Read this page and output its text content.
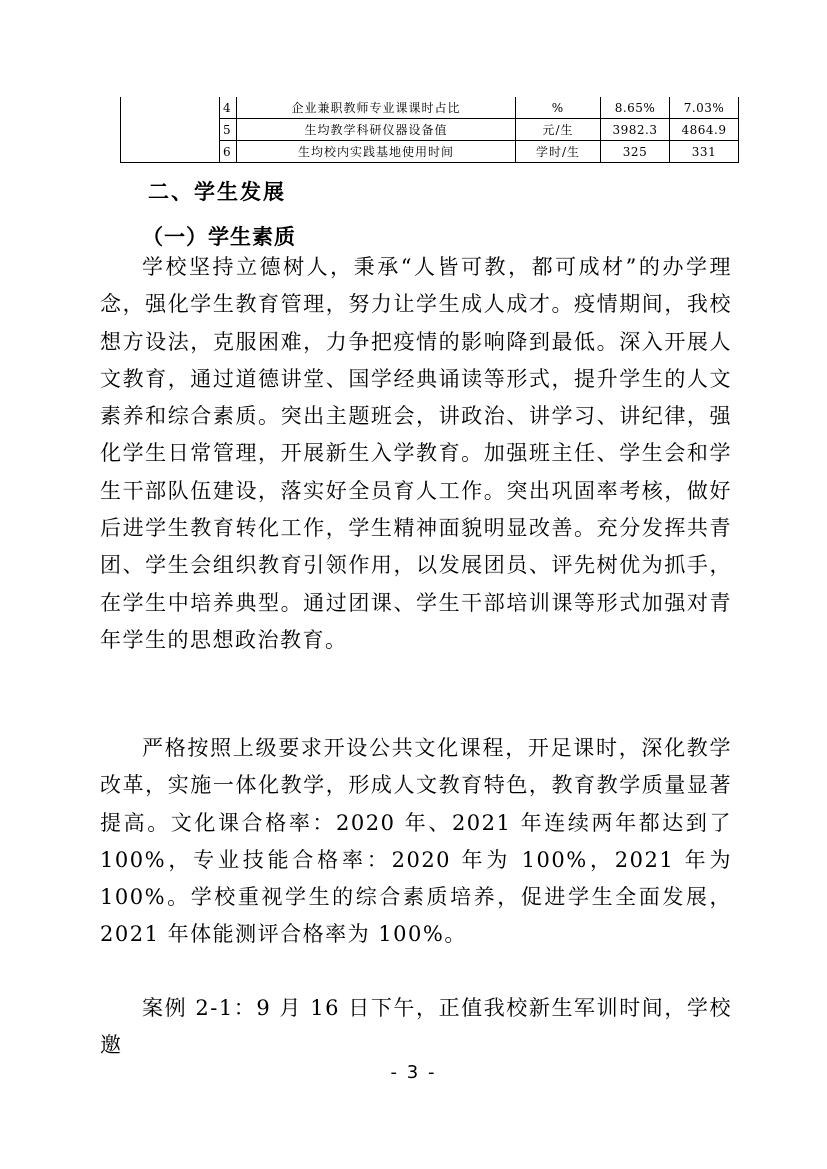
	4	企业兼职教师专业课课时占比	%	8.65%	7.03%
	5	生均教学科研仪器设备值	元/生	3982.3	4864.9
	6	生均校内实践基地使用时间	学时/生	325	331
二、学生发展
（一）学生素质

学校坚持立德树人，秉承“人皆可教，都可成材”的办学理念，强化学生教育管理，努力让学生成人成才。疫情期间，我校想方设法，克服困难，力争把疫情的影响降到最低。深入开展人文教育，通过道德讲堂、国学经典诵读等形式，提升学生的人文素养和综合素质。突出主题班会，讲政治、讲学习、讲纪律，强化学生日常管理，开展新生入学教育。加强班主任、学生会和学生干部队伍建设，落实好全员育人工作。突出巩固率考核，做好后进学生教育转化工作，学生精神面貌明显改善。充分发挥共青团、学生会组织教育引领作用，以发展团员、评先树优为抓手，在学生中培养典型。通过团课、学生干部培训课等形式加强对青年学生的思想政治教育。

严格按照上级要求开设公共文化课程，开足课时，深化教学改革，实施一体化教学，形成人文教育特色，教育教学质量显著提高。文化课合格率：2020 年、2021 年连续两年都达到了 100%，专业技能合格率：2020 年为 100%，2021 年为 100%。学校重视学生的综合素质培养，促进学生全面发展，2021 年体能测评合格率为 100%。

案例 2-1：9 月 16 日下午，正值我校新生军训时间，学校邀

- 3 -
